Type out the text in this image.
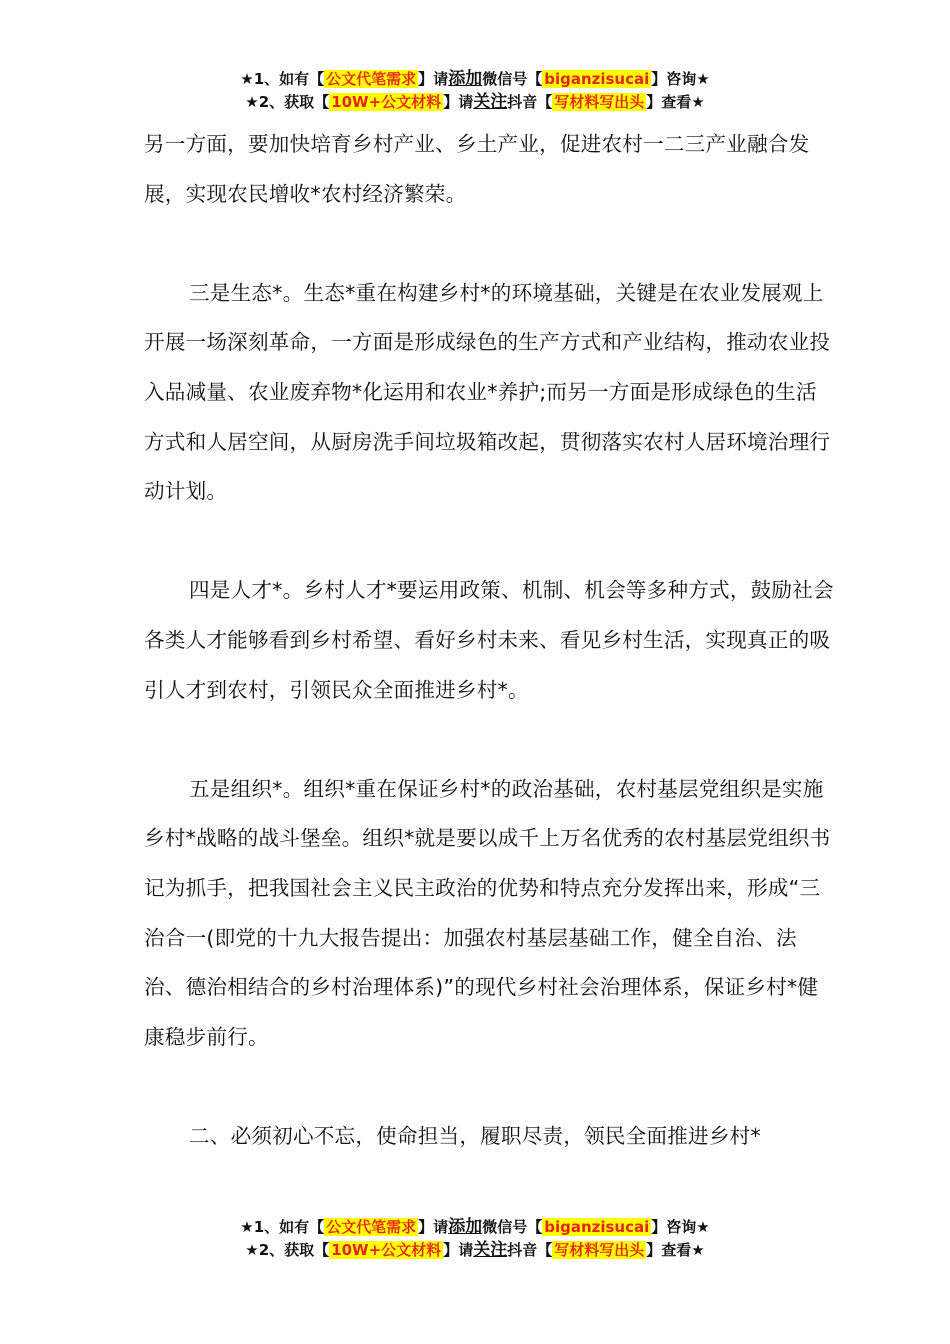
★1、如有【 公文代笔需求 】请添加微信号【 biganzisucai 】咨询★
★2、获取【 10W+公文材料 】请关注抖音【 写材料写出头 】查看★

另一方面，要加快培育乡村产业、乡土产业，促进农村一二三产业融合发展，实现农民增收*农村经济繁荣。

三是生态*。生态*重在构建乡村*的环境基础，关键是在农业发展观上开展一场深刻革命，一方面是形成绿色的生产方式和产业结构，推动农业投入品减量、农业废弃物*化运用和农业*养护;而另一方面是形成绿色的生活方式和人居空间，从厨房洗手间垃圾箱改起，贯彻落实农村人居环境治理行动计划。

四是人才*。乡村人才*要运用政策、机制、机会等多种方式，鼓励社会各类人才能够看到乡村希望、看好乡村未来、看见乡村生活，实现真正的吸引人才到农村，引领民众全面推进乡村*。

五是组织*。组织*重在保证乡村*的政治基础，农村基层党组织是实施乡村*战略的战斗堡垒。组织*就是要以成千上万名优秀的农村基层党组织书记为抓手，把我国社会主义民主政治的优势和特点充分发挥出来，形成“三治合一(即党的十九大报告提出：加强农村基层基础工作，健全自治、法治、德治相结合的乡村治理体系)”的现代乡村社会治理体系，保证乡村*健康稳步前行。

二、必须初心不忘，使命担当，履职尽责，领民全面推进乡村*

★1、如有【 公文代笔需求 】请添加微信号【 biganzisucai 】咨询★
★2、获取【 10W+公文材料 】请关注抖音【 写材料写出头 】查看★
